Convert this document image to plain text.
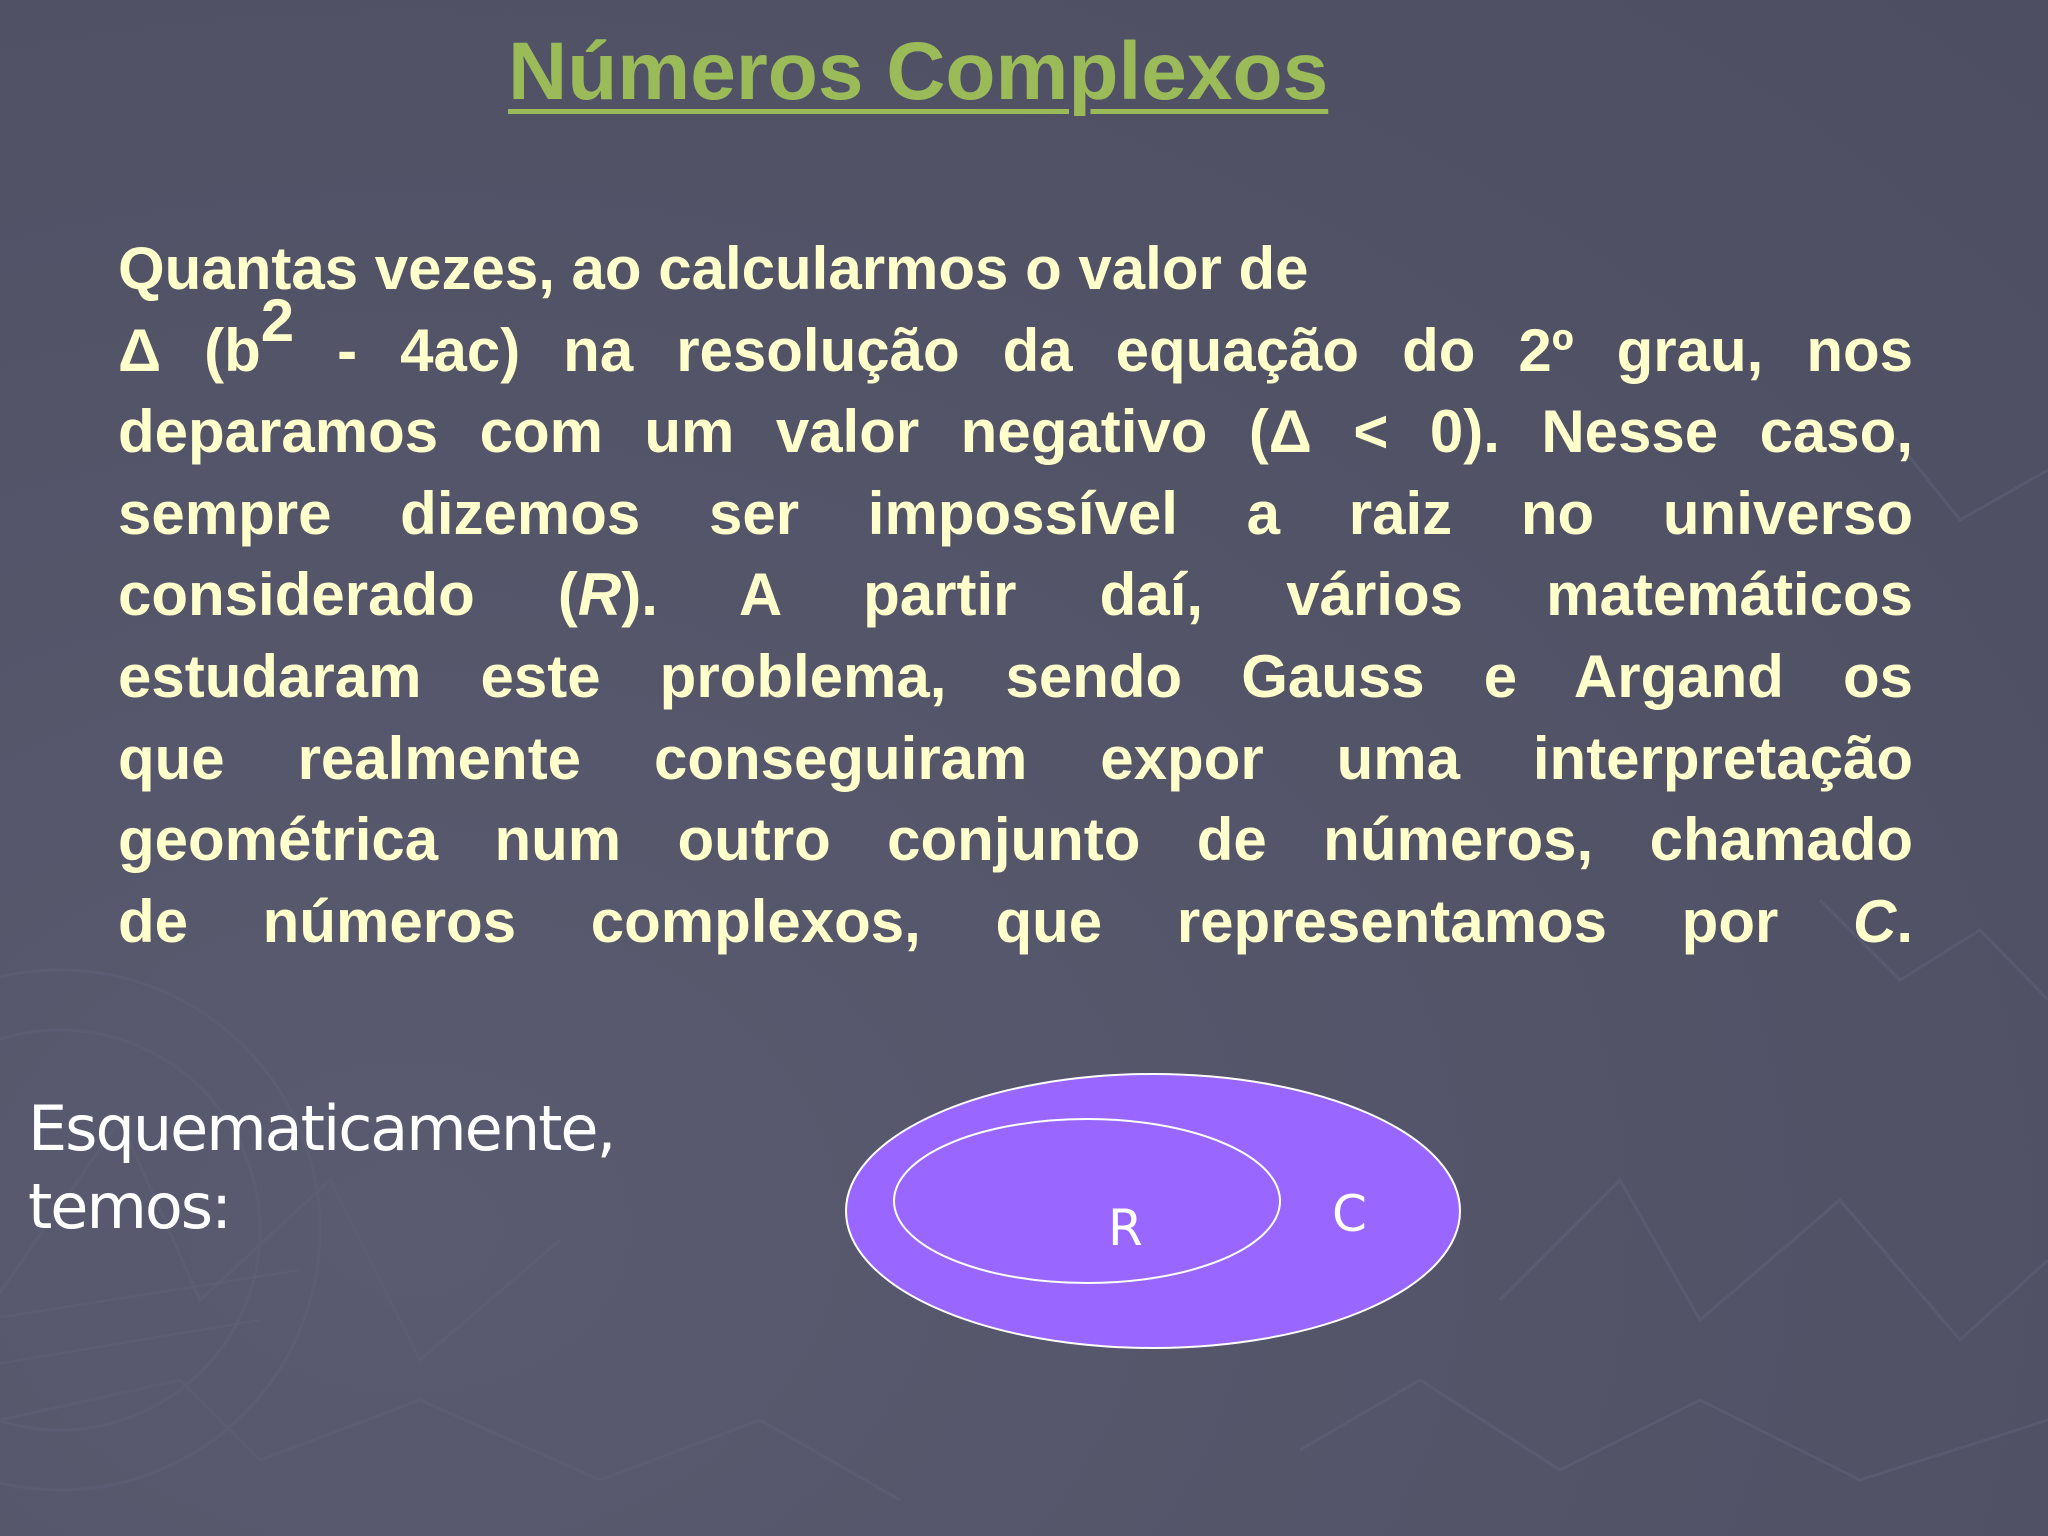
Números Complexos
Quantas vezes, ao calcularmos o valor de
Δ $(b^2 - 4ac)$ na resolução da equação do 2º grau, nos
deparamos com um valor negativo (Δ < 0). Nesse caso,
sempre dizemos ser impossível a raiz no universo
considerado (R). A partir daí, vários matemáticos
estudaram este problema, sendo Gauss e Argand os
que realmente conseguiram expor uma interpretação
geométrica num outro conjunto de números, chamado
de números complexos, que representamos por C.

Esquematicamente,
temos:	R	C
